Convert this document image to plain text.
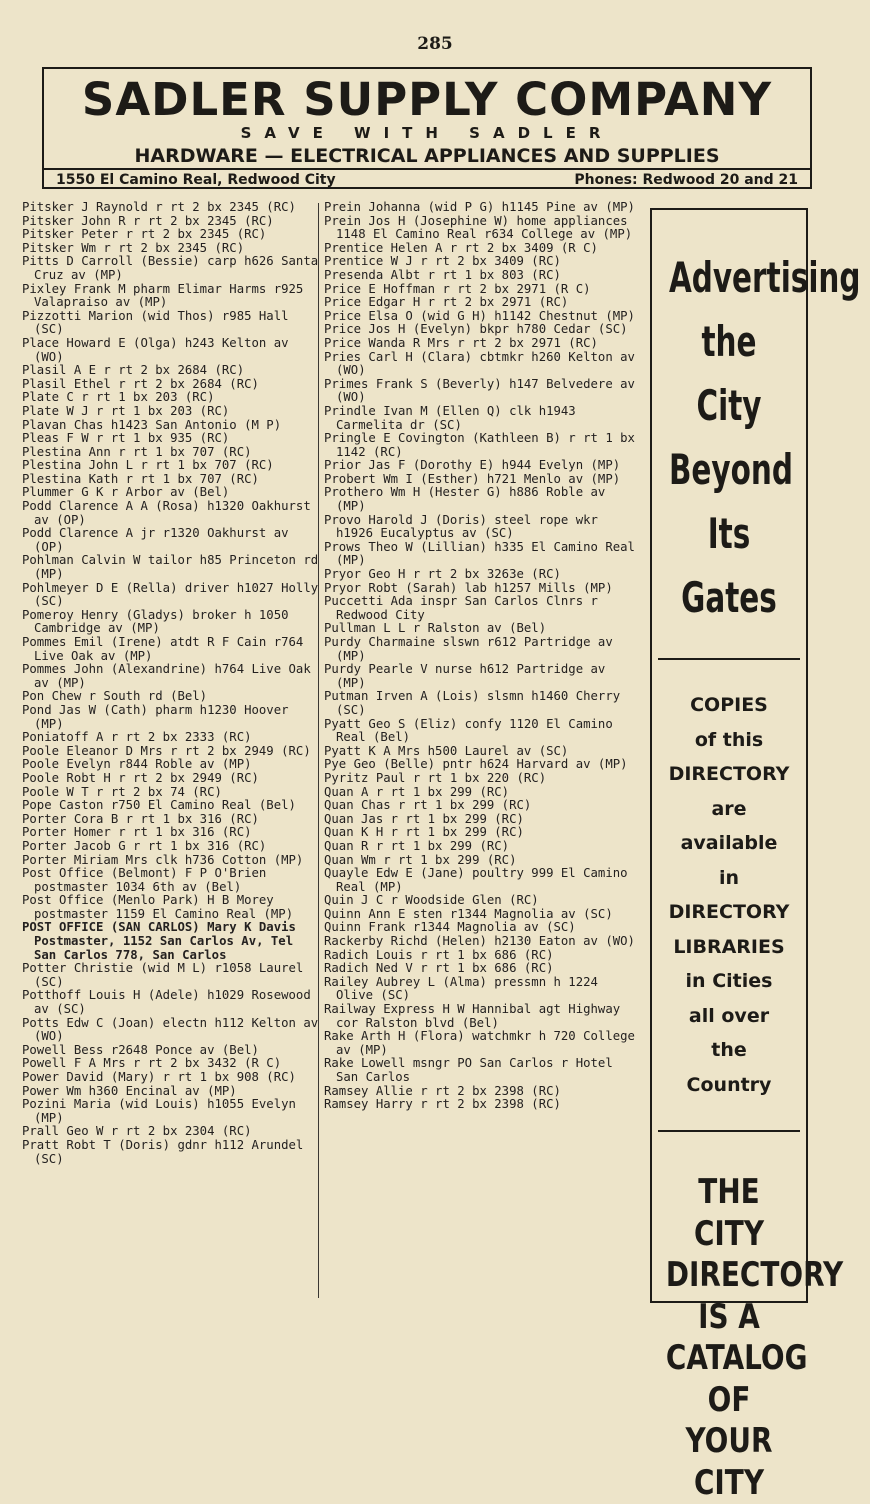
285
SADLER SUPPLY COMPANY
SAVE WITH SADLER
HARDWARE — ELECTRICAL APPLIANCES AND SUPPLIES
1550 El Camino Real, Redwood City	Phones: Redwood 20 and 21
Pitsker J Raynold r rt 2 bx 2345 (RC)
Pitsker John R r rt 2 bx 2345 (RC)
Pitsker Peter r rt 2 bx 2345 (RC)
Pitsker Wm r rt 2 bx 2345 (RC)
Pitts D Carroll (Bessie) carp h626 Santa Cruz av (MP)
Pixley Frank M pharm Elimar Harms r925 Valapraiso av (MP)
Pizzotti Marion (wid Thos) r985 Hall (SC)
Place Howard E (Olga) h243 Kelton av (WO)
Plasil A E r rt 2 bx 2684 (RC)
Plasil Ethel r rt 2 bx 2684 (RC)
Plate C r rt 1 bx 203 (RC)
Plate W J r rt 1 bx 203 (RC)
Plavan Chas h1423 San Antonio (M P)
Pleas F W r rt 1 bx 935 (RC)
Plestina Ann r rt 1 bx 707 (RC)
Plestina John L r rt 1 bx 707 (RC)
Plestina Kath r rt 1 bx 707 (RC)
Plummer G K r Arbor av (Bel)
Podd Clarence A A (Rosa) h1320 Oakhurst av (OP)
Podd Clarence A jr r1320 Oakhurst av (OP)
Pohlman Calvin W tailor h85 Princeton rd (MP)
Pohlmeyer D E (Rella) driver h1027 Holly (SC)
Pomeroy Henry (Gladys) broker h 1050 Cambridge av (MP)
Pommes Emil (Irene) atdt R F Cain r764 Live Oak av (MP)
Pommes John (Alexandrine) h764 Live Oak av (MP)
Pon Chew r South rd (Bel)
Pond Jas W (Cath) pharm h1230 Hoover (MP)
Poniatoff A r rt 2 bx 2333 (RC)
Poole Eleanor D Mrs r rt 2 bx 2949 (RC)
Poole Evelyn r844 Roble av (MP)
Poole Robt H r rt 2 bx 2949 (RC)
Poole W T r rt 2 bx 74 (RC)
Pope Caston r750 El Camino Real (Bel)
Porter Cora B r rt 1 bx 316 (RC)
Porter Homer r rt 1 bx 316 (RC)
Porter Jacob G r rt 1 bx 316 (RC)
Porter Miriam Mrs clk h736 Cotton (MP)
Post Office (Belmont) F P O'Brien postmaster 1034 6th av (Bel)
Post Office (Menlo Park) H B Morey postmaster 1159 El Camino Real (MP)
POST OFFICE (SAN CARLOS) Mary K Davis Postmaster, 1152 San Carlos Av, Tel San Carlos 778, San Carlos
Potter Christie (wid M L) r1058 Laurel (SC)
Potthoff Louis H (Adele) h1029 Rosewood av (SC)
Potts Edw C (Joan) electn h112 Kelton av (WO)
Powell Bess r2648 Ponce av (Bel)
Powell F A Mrs r rt 2 bx 3432 (R C)
Power David (Mary) r rt 1 bx 908 (RC)
Power Wm h360 Encinal av (MP)
Pozini Maria (wid Louis) h1055 Evelyn (MP)
Prall Geo W r rt 2 bx 2304 (RC)
Pratt Robt T (Doris) gdnr h112 Arundel (SC)
Prein Johanna (wid P G) h1145 Pine av (MP)
Prein Jos H (Josephine W) home appliances 1148 El Camino Real r634 College av (MP)
Prentice Helen A r rt 2 bx 3409 (R C)
Prentice W J r rt 2 bx 3409 (RC)
Presenda Albt r rt 1 bx 803 (RC)
Price E Hoffman r rt 2 bx 2971 (R C)
Price Edgar H r rt 2 bx 2971 (RC)
Price Elsa O (wid G H) h1142 Chestnut (MP)
Price Jos H (Evelyn) bkpr h780 Cedar (SC)
Price Wanda R Mrs r rt 2 bx 2971 (RC)
Pries Carl H (Clara) cbtmkr h260 Kelton av (WO)
Primes Frank S (Beverly) h147 Belvedere av (WO)
Prindle Ivan M (Ellen Q) clk h1943 Carmelita dr (SC)
Pringle E Covington (Kathleen B) r rt 1 bx 1142 (RC)
Prior Jas F (Dorothy E) h944 Evelyn (MP)
Probert Wm I (Esther) h721 Menlo av (MP)
Prothero Wm H (Hester G) h886 Roble av (MP)
Provo Harold J (Doris) steel rope wkr h1926 Eucalyptus av (SC)
Prows Theo W (Lillian) h335 El Camino Real (MP)
Pryor Geo H r rt 2 bx 3263e (RC)
Pryor Robt (Sarah) lab h1257 Mills (MP)
Puccetti Ada inspr San Carlos Clnrs r Redwood City
Pullman L L r Ralston av (Bel)
Purdy Charmaine slswn r612 Partridge av (MP)
Purdy Pearle V nurse h612 Partridge av (MP)
Putman Irven A (Lois) slsmn h1460 Cherry (SC)
Pyatt Geo S (Eliz) confy 1120 El Camino Real (Bel)
Pyatt K A Mrs h500 Laurel av (SC)
Pye Geo (Belle) pntr h624 Harvard av (MP)
Pyritz Paul r rt 1 bx 220 (RC)
Quan A r rt 1 bx 299 (RC)
Quan Chas r rt 1 bx 299 (RC)
Quan Jas r rt 1 bx 299 (RC)
Quan K H r rt 1 bx 299 (RC)
Quan R r rt 1 bx 299 (RC)
Quan Wm r rt 1 bx 299 (RC)
Quayle Edw E (Jane) poultry 999 El Camino Real (MP)
Quin J C r Woodside Glen (RC)
Quinn Ann E sten r1344 Magnolia av (SC)
Quinn Frank r1344 Magnolia av (SC)
Rackerby Richd (Helen) h2130 Eaton av (WO)
Radich Louis r rt 1 bx 686 (RC)
Radich Ned V r rt 1 bx 686 (RC)
Railey Aubrey L (Alma) pressmn h 1224 Olive (SC)
Railway Express H W Hannibal agt Highway cor Ralston blvd (Bel)
Rake Arth H (Flora) watchmkr h 720 College av (MP)
Rake Lowell msngr PO San Carlos r Hotel San Carlos
Ramsey Allie r rt 2 bx 2398 (RC)
Ramsey Harry r rt 2 bx 2398 (RC)
Advertising
the City
Beyond
Its Gates
COPIES
of this
DIRECTORY
are
available
in
DIRECTORY
LIBRARIES
in Cities
all over
the
Country
THE CITY
DIRECTORY
IS A
CATALOG
OF
YOUR CITY
